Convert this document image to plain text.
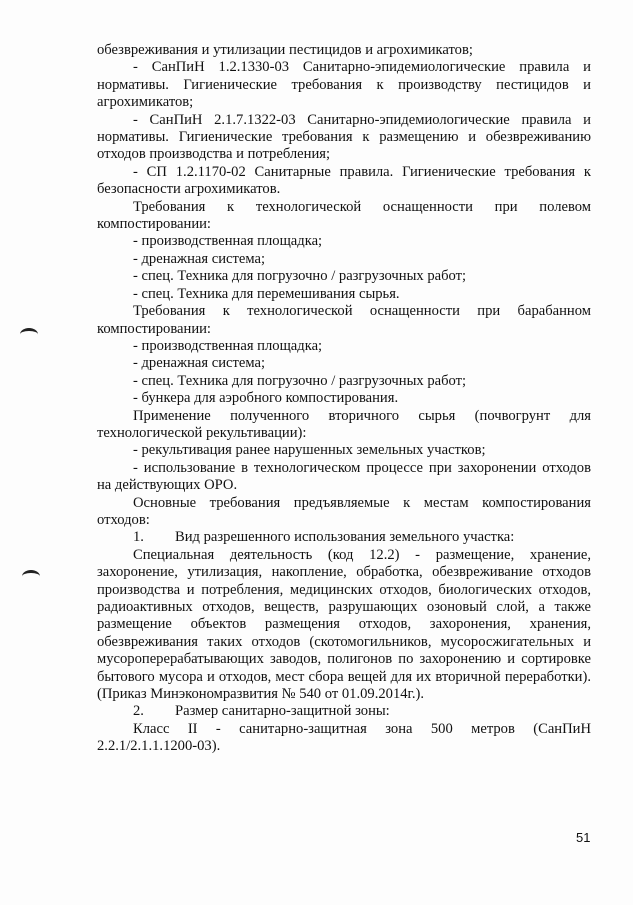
обезвреживания и утилизации пестицидов и агрохимикатов;

- СанПиН 1.2.1330-03 Санитарно-эпидемиологические правила и нормативы. Гигиенические требования к производству пестицидов и агрохимикатов;

- СанПиН 2.1.7.1322-03 Санитарно-эпидемиологические правила и нормативы. Гигиенические требования к размещению и обезвреживанию отходов производства и потребления;

- СП 1.2.1170-02 Санитарные правила. Гигиенические требования к безопасности агрохимикатов.

Требования к технологической оснащенности при полевом компостировании:

- производственная площадка;

- дренажная система;

- спец. Техника для погрузочно / разгрузочных работ;

- спец. Техника для перемешивания сырья.

Требования к технологической оснащенности при барабанном компостировании:

- производственная площадка;

- дренажная система;

- спец. Техника для погрузочно / разгрузочных работ;

- бункера для аэробного компостирования.

Применение полученного вторичного сырья (почвогрунт для технологической рекультивации):

- рекультивация ранее нарушенных земельных участков;

- использование в технологическом процессе при захоронении отходов на действующих ОРО.

Основные требования предъявляемые к местам компостирования отходов:

1. Вид разрешенного использования земельного участка:

Специальная деятельность (код 12.2) - размещение, хранение, захоронение, утилизация, накопление, обработка, обезвреживание отходов производства и потребления, медицинских отходов, биологических отходов, радиоактивных отходов, веществ, разрушающих озоновый слой, а также размещение объектов размещения отходов, захоронения, хранения, обезвреживания таких отходов (скотомогильников, мусоросжигательных и мусороперерабатывающих заводов, полигонов по захоронению и сортировке бытового мусора и отходов, мест сбора вещей для их вторичной переработки). (Приказ Минэкономразвития № 540 от 01.09.2014г.).

2. Размер санитарно-защитной зоны:

Класс II - санитарно-защитная зона 500 метров (СанПиН 2.2.1/2.1.1.1200-03).

51
